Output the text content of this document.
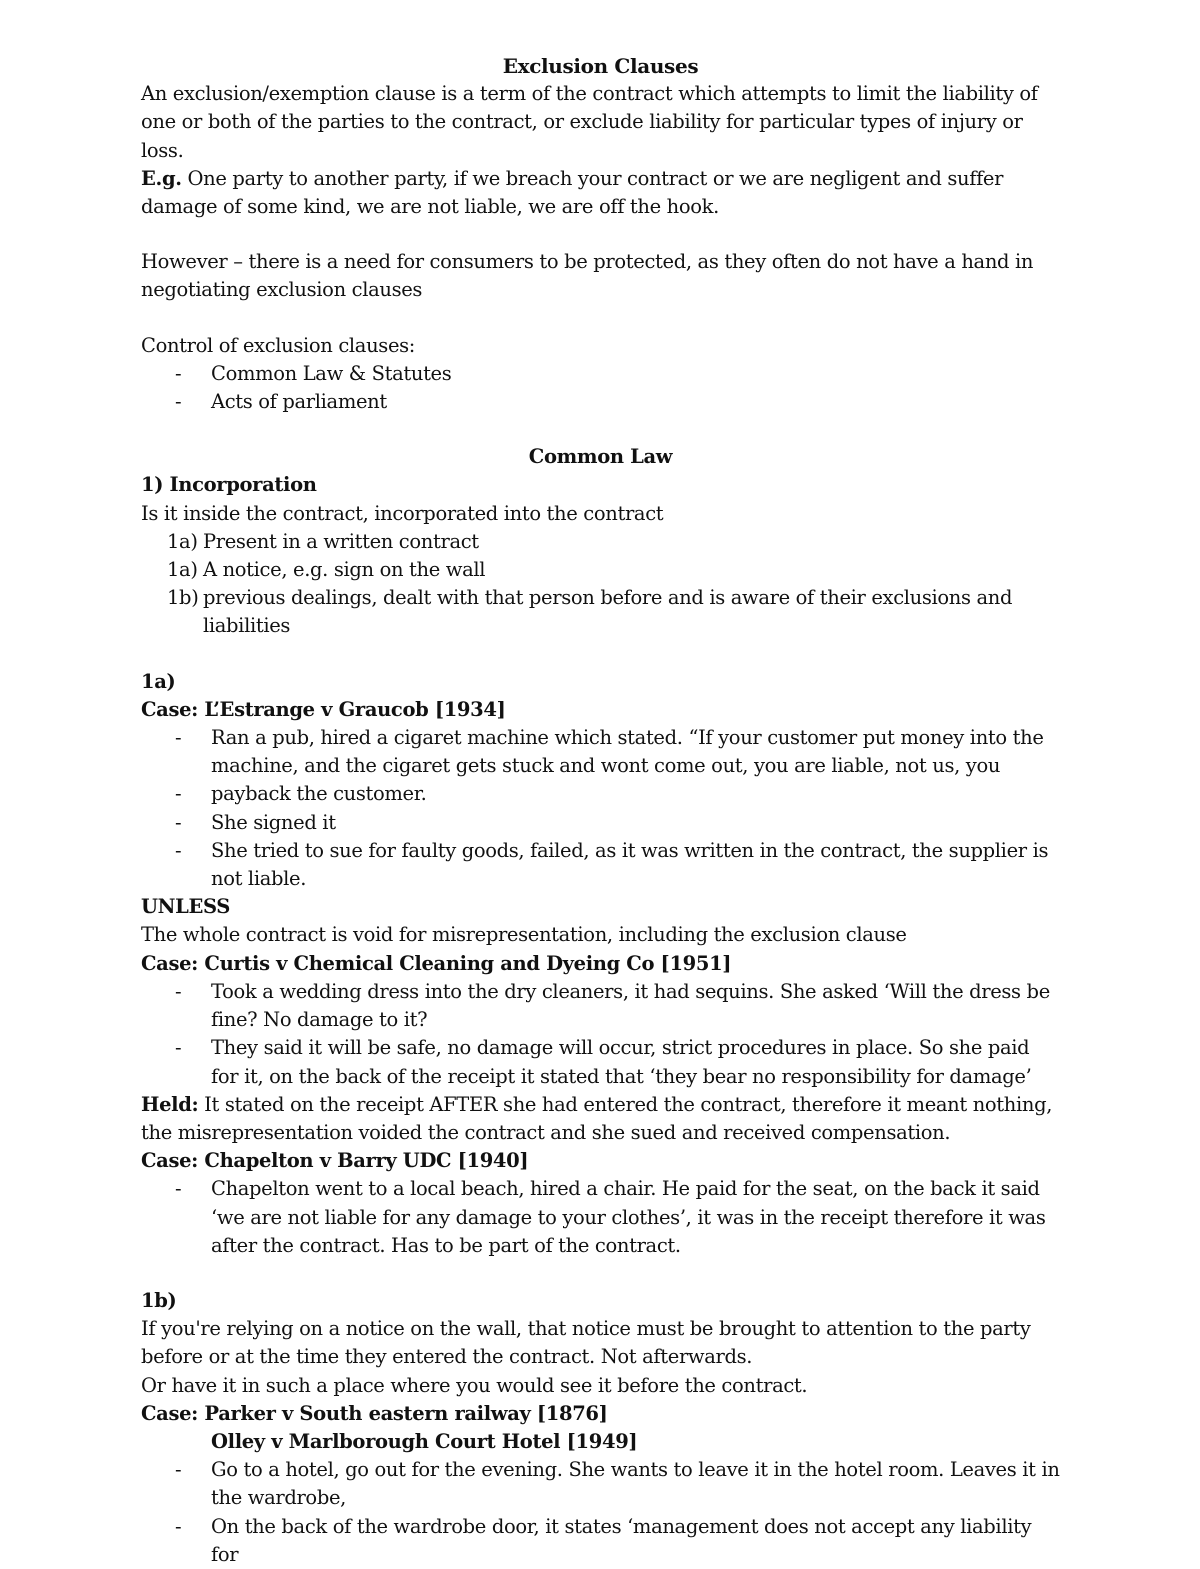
Exclusion Clauses

An exclusion/exemption clause is a term of the contract which attempts to limit the liability of one or both of the parties to the contract, or exclude liability for particular types of injury or loss.

E.g. One party to another party, if we breach your contract or we are negligent and suffer damage of some kind, we are not liable, we are off the hook.

However – there is a need for consumers to be protected, as they often do not have a hand in negotiating exclusion clauses

Control of exclusion clauses:

- Common Law & Statutes
- Acts of parliament

Common Law

1) Incorporation

Is it inside the contract, incorporated into the contract

1a) Present in a written contract
1a) A notice, e.g. sign on the wall
1b) previous dealings, dealt with that person before and is aware of their exclusions and liabilities

1a)

Case: L’Estrange v Graucob [1934]

- Ran a pub, hired a cigaret machine which stated. “If your customer put money into the machine, and the cigaret gets stuck and wont come out, you are liable, not us, you
- payback the customer.
- She signed it
- She tried to sue for faulty goods, failed, as it was written in the contract, the supplier is not liable.

UNLESS

The whole contract is void for misrepresentation, including the exclusion clause

Case: Curtis v Chemical Cleaning and Dyeing Co [1951]

- Took a wedding dress into the dry cleaners, it had sequins. She asked ‘Will the dress be fine? No damage to it?
- They said it will be safe, no damage will occur, strict procedures in place. So she paid for it, on the back of the receipt it stated that ‘they bear no responsibility for damage’

Held: It stated on the receipt AFTER she had entered the contract, therefore it meant nothing, the misrepresentation voided the contract and she sued and received compensation.

Case: Chapelton v Barry UDC [1940]

- Chapelton went to a local beach, hired a chair. He paid for the seat, on the back it said ‘we are not liable for any damage to your clothes’, it was in the receipt therefore it was after the contract. Has to be part of the contract.

1b)

If you're relying on a notice on the wall, that notice must be brought to attention to the party before or at the time they entered the contract. Not afterwards.

Or have it in such a place where you would see it before the contract.

Case: Parker v South eastern railway [1876]

Olley v Marlborough Court Hotel [1949]

- Go to a hotel, go out for the evening. She wants to leave it in the hotel room. Leaves it in the wardrobe,
- On the back of the wardrobe door, it states ‘management does not accept any liability for
